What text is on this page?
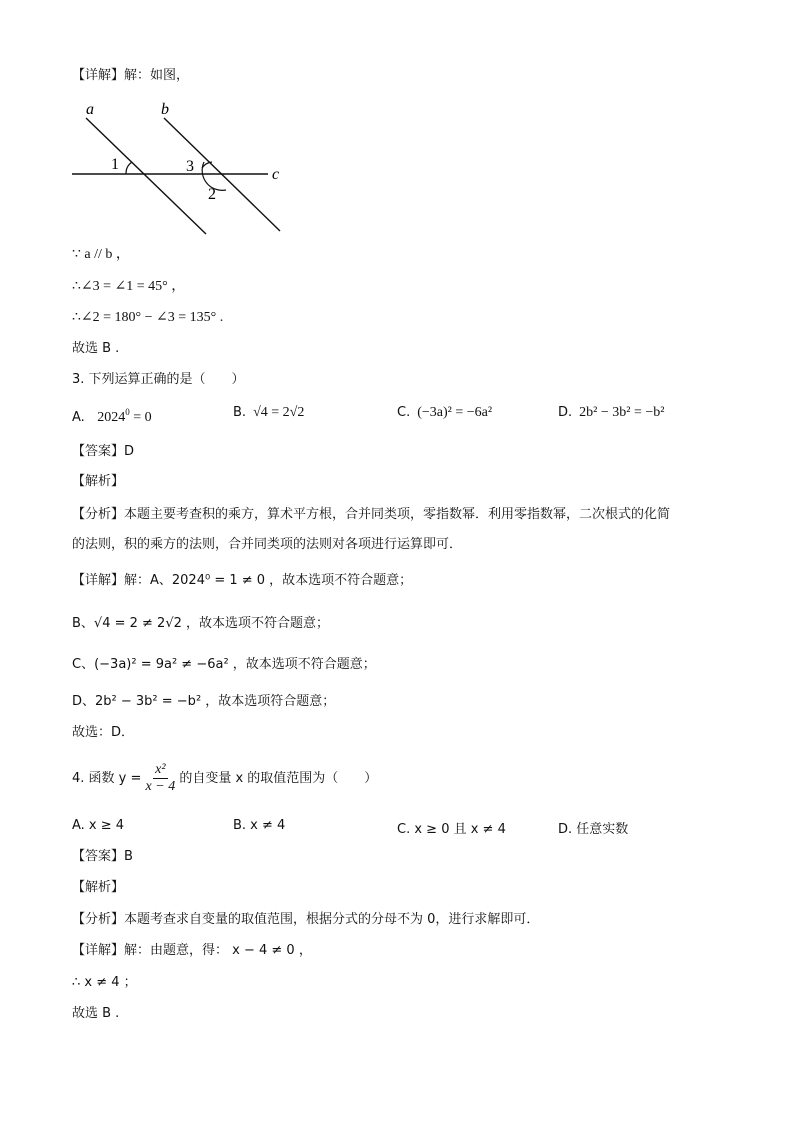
【详解】解：如图，
a	b
c
1	3
2
∵ a // b ，
∴∠3 = ∠1 = 45° ，
∴∠2 = 180° − ∠3 = 135° .
故选 B .
3. 下列运算正确的是（　　）
A. $2024^0 = 0$	B. √4 = 2√2	C. (−3a)² = −6a²	D. 2b² − 3b² = −b²
【答案】D
【解析】
【分析】本题主要考查积的乘方，算术平方根，合并同类项，零指数幂．利用零指数幂，二次根式的化简
的法则，积的乘方的法则，合并同类项的法则对各项进行运算即可．
【详解】解：A、2024⁰ = 1 ≠ 0 ，故本选项不符合题意；
B、√4 = 2 ≠ 2√2 ，故本选项不符合题意；
C、(−3a)² = 9a² ≠ −6a² ，故本选项不符合题意；
D、2b² − 3b² = −b² ，故本选项符合题意；
故选：D．
4. 函数 $y = \frac{\text{x²}}{x - 4}$ 的自变量 x 的取值范围为（　　）
A. x ≥ 4	B. x ≠ 4	C. x ≥ 0 且 x ≠ 4	D. 任意实数
【答案】B
【解析】
【分析】本题考查求自变量的取值范围，根据分式的分母不为 0，进行求解即可．
【详解】解：由题意，得： x − 4 ≠ 0 ，
∴ x ≠ 4 ；
故选 B .
